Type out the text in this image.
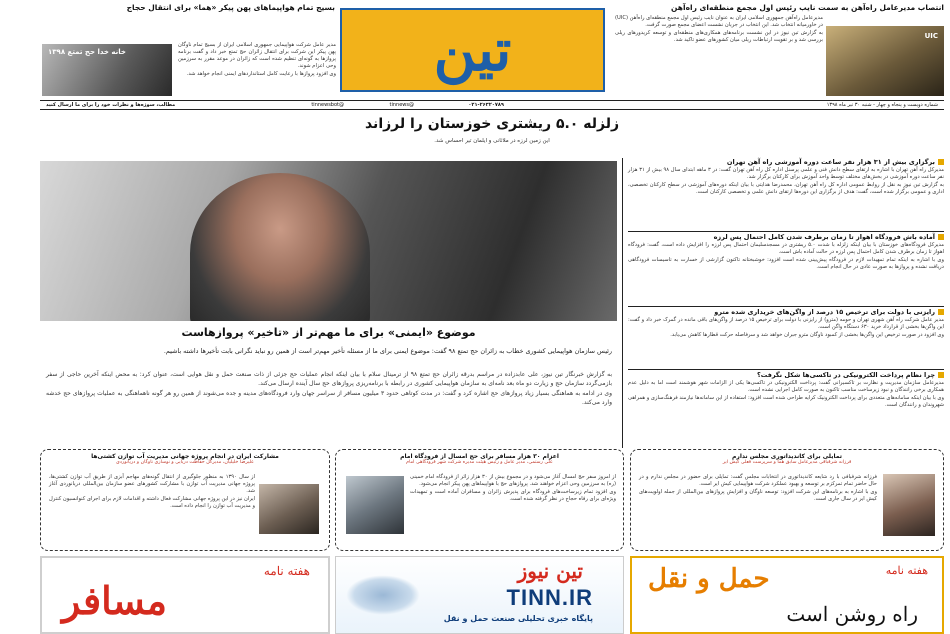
تین
بسیج تمام هواپیماهای پهن پیکر «هما» برای انتقال حجاج
خانه خدا حج تمتع ۱۳۹۸

مدیر عامل شرکت هواپیمایی جمهوری اسلامی ایران از بسیج تمام ناوگان پهن پیکر این شرکت برای انتقال زائران حج تمتع خبر داد و گفت برنامه پروازها به گونه‌ای تنظیم شده است که زائران در موعد مقرر به سرزمین وحی اعزام شوند.

وی افزود پروازها با رعایت کامل استانداردهای ایمنی انجام خواهد شد.

انتصاب مدیرعامل راه‌آهن به سمت نایب رئیس اول مجمع منطقه‌ای راه‌آهن

مدیرعامل راه‌آهن جمهوری اسلامی ایران به عنوان نایب رئیس اول مجمع منطقه‌ای راه‌آهن (UIC) در خاورمیانه انتخاب شد. این انتخاب در جریان نشست اعضای مجمع صورت گرفت.

به گزارش تین نیوز در این نشست برنامه‌های همکاری‌های منطقه‌ای و توسعه کریدورهای ریلی بررسی شد و بر تقویت ارتباطات ریلی میان کشورهای عضو تاکید شد.	UIC
شماره دویست و پنجاه و چهار - شنبه ۳۰ تیر ماه ۱۳۹۸
۰۲۱-۲۶۳۲۰۷۸۹
@tinnews
@tinnewsbot
مطالب، سوژه‌ها و نظرات خود را برای ما ارسال کنید
زلزله ۵.۰ ریشتری خوزستان را لرزاند
این زمین لرزه در ملاثانی و ایلمان تیر احساس شد.
موضوع «ایمنی» برای ما مهم‌تر از «تاخیر» پروازهاست
رئیس سازمان هواپیمایی کشوری خطاب به زائران حج تمتع ۹۸ گفت: موضوع ایمنی برای ما از مسئله تأخیر مهم‌تر است از همین رو نباید نگرانی بابت تأخیرها داشته باشیم.

به گزارش خبرنگار تین نیوز، علی عابدزاده در مراسم بدرقه زائران حج تمتع ۹۸ از ترمینال سلام با بیان اینکه انجام عملیات حج جزئی از ذات صنعت حمل و نقل هوایی است، عنوان کرد: به محض اینکه آخرین حاجی از سفر بازمی‌گردد سازمان حج و زیارت دو ماه بعد نامه‌ای به سازمان هواپیمایی کشوری در رابطه با برنامه‌ریزی پروازهای حج سال آینده ارسال می‌کند.

وی در ادامه به هماهنگی بسیار زیاد پروازهای حج اشاره کرد و گفت: در مدت کوتاهی حدود ۳ میلیون مسافر از سراسر جهان وارد فرودگاه‌های مدینه و جده می‌شوند از همین رو هر گونه ناهماهنگی به عملیات پروازهای حج خدشه وارد می‌کند.

برگزاری بیش از ۳۱ هزار نفر ساعت دوره آموزشی راه آهن تهران

مدیرکل راه آهن تهران با اشاره به ارتقای سطح دانش فنی و علمی پرسنل اداره کل راه آهن تهران گفت: در ۳ ماهه ابتدای سال ۹۸ بیش از ۳۱ هزار نفر ساعت دوره آموزشی در بخش‌های مختلف توسط واحد آموزش برای کارکنان برگزار شد.

به گزارش تین نیوز به نقل از روابط عمومی اداره کل راه آهن تهران، محمدرضا هدایتی با بیان اینکه دوره‌های آموزشی در سطح کارکنان تخصصی، اداری و عمومی برگزار شده است، گفت: هدف از برگزاری این دوره‌ها ارتقای دانش علمی و تخصصی کارکنان است.

آماده باش فرودگاه اهواز تا زمان برطرف شدن کامل احتمال پس لرزه

مدیرکل فرودگاه‌های خوزستان با بیان اینکه زلزله با شدت ۵.۰ ریشتری در مسجدسلیمان احتمال پس لرزه را افزایش داده است، گفت: فرودگاه اهواز تا زمان برطرف شدن کامل احتمال پس لرزه در حالت آماده باش است.

وی با اشاره به اینکه تمام تمهیدات لازم در فرودگاه پیش‌بینی شده است افزود: خوشبختانه تاکنون گزارشی از خسارت به تاسیسات فرودگاهی دریافت نشده و پروازها به صورت عادی در حال انجام است.

رایزنی با دولت برای ترخیص ۱۵ درصد از واگن‌های خریداری شده مترو

مدیر عامل شرکت راه آهن شهری تهران و حومه (مترو) از رایزنی با دولت برای ترخیص ۱۵ درصد از واگن‌های باقی مانده در گمرک خبر داد و گفت: این واگن‌ها بخشی از قرارداد خرید ۶۳۰ دستگاه واگن است.

وی افزود در صورت ترخیص این واگن‌ها بخشی از کمبود ناوگان مترو جبران خواهد شد و سرفاصله حرکت قطارها کاهش می‌یابد.

چرا نظام پرداخت الکترونیکی در تاکسی‌ها شکل نگرفت؟

مدیرعامل سازمان مدیریت و نظارت بر تاکسیرانی گفت: پرداخت الکترونیکی در تاکسی‌ها یکی از الزامات شهر هوشمند است اما به دلیل عدم همکاری برخی رانندگان و نبود زیرساخت مناسب تاکنون به صورت کامل اجرایی نشده است.

وی با بیان اینکه سامانه‌های متعددی برای پرداخت الکترونیک کرایه طراحی شده است افزود: استفاده از این سامانه‌ها نیازمند فرهنگ‌سازی و همراهی شهروندان و رانندگان است.

تمایلی برای کاندیداتوری مجلس ندارم
فرزانه شرفبافی مدیرعامل سابق هما و سرپرست فعلی کیش ایر

فرزانه شرفبافی با رد شایعه کاندیداتوری در انتخابات مجلس گفت: تمایلی برای حضور در مجلس ندارم و در حال حاضر تمام تمرکزم بر توسعه و بهبود عملکرد شرکت هواپیمایی کیش ایر است.

وی با اشاره به برنامه‌های این شرکت افزود: توسعه ناوگان و افزایش پروازهای بین‌المللی از جمله اولویت‌های کیش ایر در سال جاری است.

اعزام ۳۰ هزار مسافر برای حج امسال از فرودگاه امام
علی رستمی، مدیر عامل و رئیس هیئت مدیره شرکت شهر فرودگاهی امام

از امروز سفر حج امسال آغاز می‌شود و در مجموع بیش از ۳۰ هزار زائر از فرودگاه امام خمینی (ره) به سرزمین وحی اعزام خواهند شد. پروازهای حج با هواپیماهای پهن پیکر انجام می‌شود.

وی افزود تمام زیرساخت‌های فرودگاه برای پذیرش زائران و مسافران آماده است و تمهیدات ویژه‌ای برای رفاه حجاج در نظر گرفته شده است.

مشارکت ایران در انجام پروژه جهانی مدیریت آب توازن کشتی‌ها
علیرضا خلیلیان، مدیرکل حفاظت دریایی و نوسازی ناوگان و دریانوردی

از سال ۱۳۹۰ به منظور جلوگیری از انتقال گونه‌های مهاجم آبزی از طریق آب توازن کشتی‌ها، پروژه جهانی مدیریت آب توازن با مشارکت کشورهای عضو سازمان بین‌المللی دریانوردی آغاز شد.

ایران نیز در این پروژه جهانی مشارکت فعال داشته و اقدامات لازم برای اجرای کنوانسیون کنترل و مدیریت آب توازن را انجام داده است.

هفته نامه
حمل و نقل
راه روشن است
تین نیوز
TINN.IR
پایگاه خبری تحلیلی صنعت حمل و نقل
هفته نامه
مسافر
